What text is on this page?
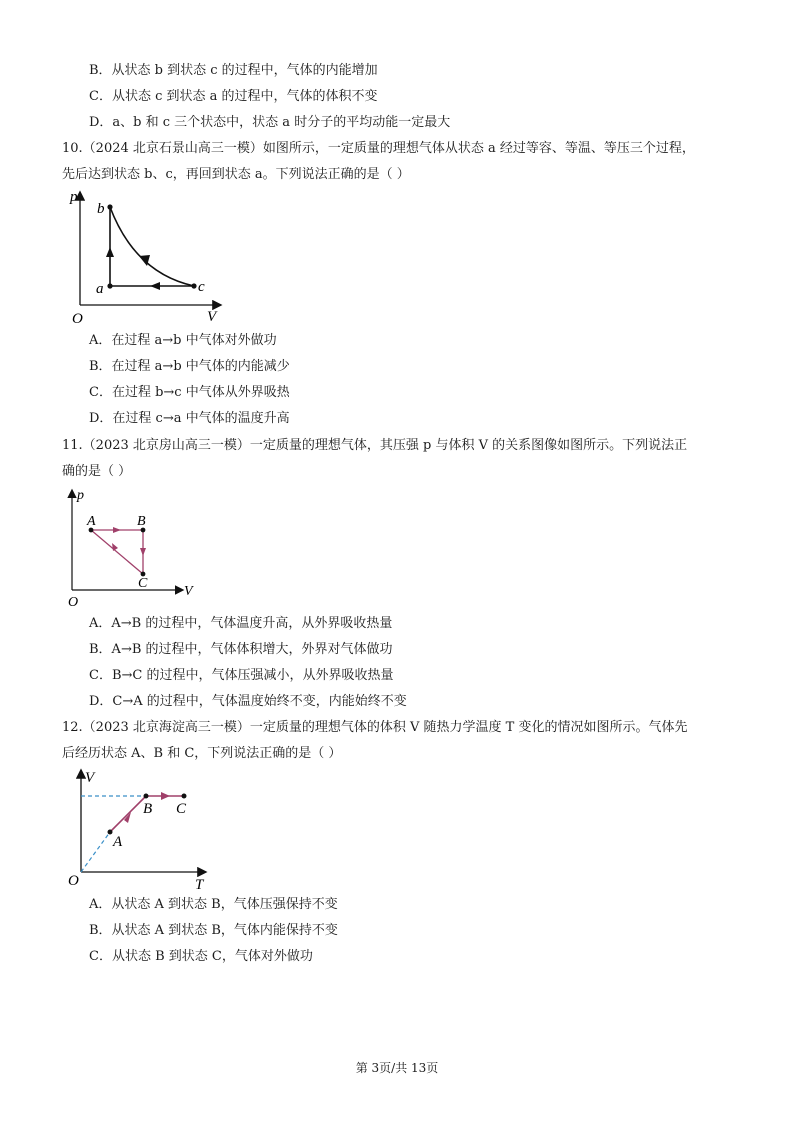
B．从状态 b 到状态 c 的过程中，气体的内能增加
C．从状态 c 到状态 a 的过程中，气体的体积不变
D．a、b 和 c 三个状态中，状态 a 时分子的平均动能一定最大
10.（2024 北京石景山高三一模）如图所示，一定质量的理想气体从状态 a 经过等容、等温、等压三个过程，
先后达到状态 b、c，再回到状态 a。下列说法正确的是（ ）
p
V
O
a
b
c
A．在过程 a→b 中气体对外做功
B．在过程 a→b 中气体的内能减少
C．在过程 b→c 中气体从外界吸热
D．在过程 c→a 中气体的温度升高
11.（2023 北京房山高三一模）一定质量的理想气体，其压强 p 与体积 V 的关系图像如图所示。下列说法正
确的是（ ）
p
V
O
A	B
C
A．A→B 的过程中，气体温度升高，从外界吸收热量
B．A→B 的过程中，气体体积增大，外界对气体做功
C．B→C 的过程中，气体压强减小，从外界吸收热量
D．C→A 的过程中，气体温度始终不变，内能始终不变
12.（2023 北京海淀高三一模）一定质量的理想气体的体积 V 随热力学温度 T 变化的情况如图所示。气体先
后经历状态 A、B 和 C，下列说法正确的是（ ）
V
T
O
A
B C
A．从状态 A 到状态 B，气体压强保持不变
B．从状态 A 到状态 B，气体内能保持不变
C．从状态 B 到状态 C，气体对外做功
第 3页/共 13页
